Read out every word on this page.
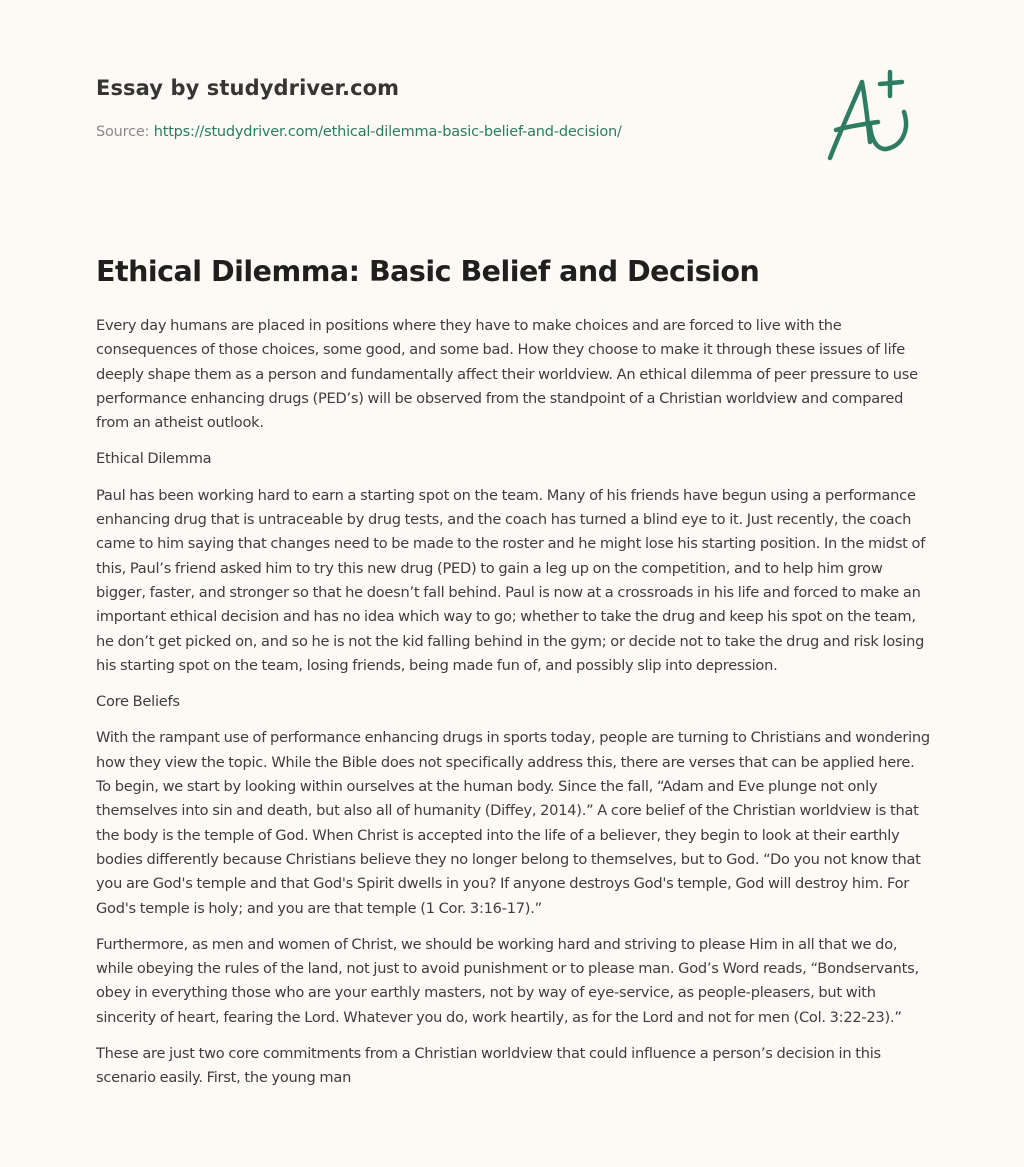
Essay by studydriver.com
Source: https://studydriver.com/ethical-dilemma-basic-belief-and-decision/
Ethical Dilemma: Basic Belief and Decision

Every day humans are placed in positions where they have to make choices and are forced to live with the consequences of those choices, some good, and some bad. How they choose to make it through these issues of life deeply shape them as a person and fundamentally affect their worldview. An ethical dilemma of peer pressure to use performance enhancing drugs (PED’s) will be observed from the standpoint of a Christian worldview and compared from an atheist outlook.

Ethical Dilemma

Paul has been working hard to earn a starting spot on the team. Many of his friends have begun using a performance enhancing drug that is untraceable by drug tests, and the coach has turned a blind eye to it. Just recently, the coach came to him saying that changes need to be made to the roster and he might lose his starting position. In the midst of this, Paul’s friend asked him to try this new drug (PED) to gain a leg up on the competition, and to help him grow bigger, faster, and stronger so that he doesn’t fall behind. Paul is now at a crossroads in his life and forced to make an important ethical decision and has no idea which way to go; whether to take the drug and keep his spot on the team, he don’t get picked on, and so he is not the kid falling behind in the gym; or decide not to take the drug and risk losing his starting spot on the team, losing friends, being made fun of, and possibly slip into depression.

Core Beliefs

With the rampant use of performance enhancing drugs in sports today, people are turning to Christians and wondering how they view the topic. While the Bible does not specifically address this, there are verses that can be applied here. To begin, we start by looking within ourselves at the human body. Since the fall, “Adam and Eve plunge not only themselves into sin and death, but also all of humanity (Diffey, 2014).” A core belief of the Christian worldview is that the body is the temple of God. When Christ is accepted into the life of a believer, they begin to look at their earthly bodies differently because Christians believe they no longer belong to themselves, but to God. “Do you not know that you are God's temple and that God's Spirit dwells in you? If anyone destroys God's temple, God will destroy him. For God's temple is holy; and you are that temple (1 Cor. 3:16-17).”

Furthermore, as men and women of Christ, we should be working hard and striving to please Him in all that we do, while obeying the rules of the land, not just to avoid punishment or to please man. God’s Word reads, “Bondservants, obey in everything those who are your earthly masters, not by way of eye-service, as people-pleasers, but with sincerity of heart, fearing the Lord. Whatever you do, work heartily, as for the Lord and not for men (Col. 3:22-23).”

These are just two core commitments from a Christian worldview that could influence a person’s decision in this scenario easily. First, the young man
